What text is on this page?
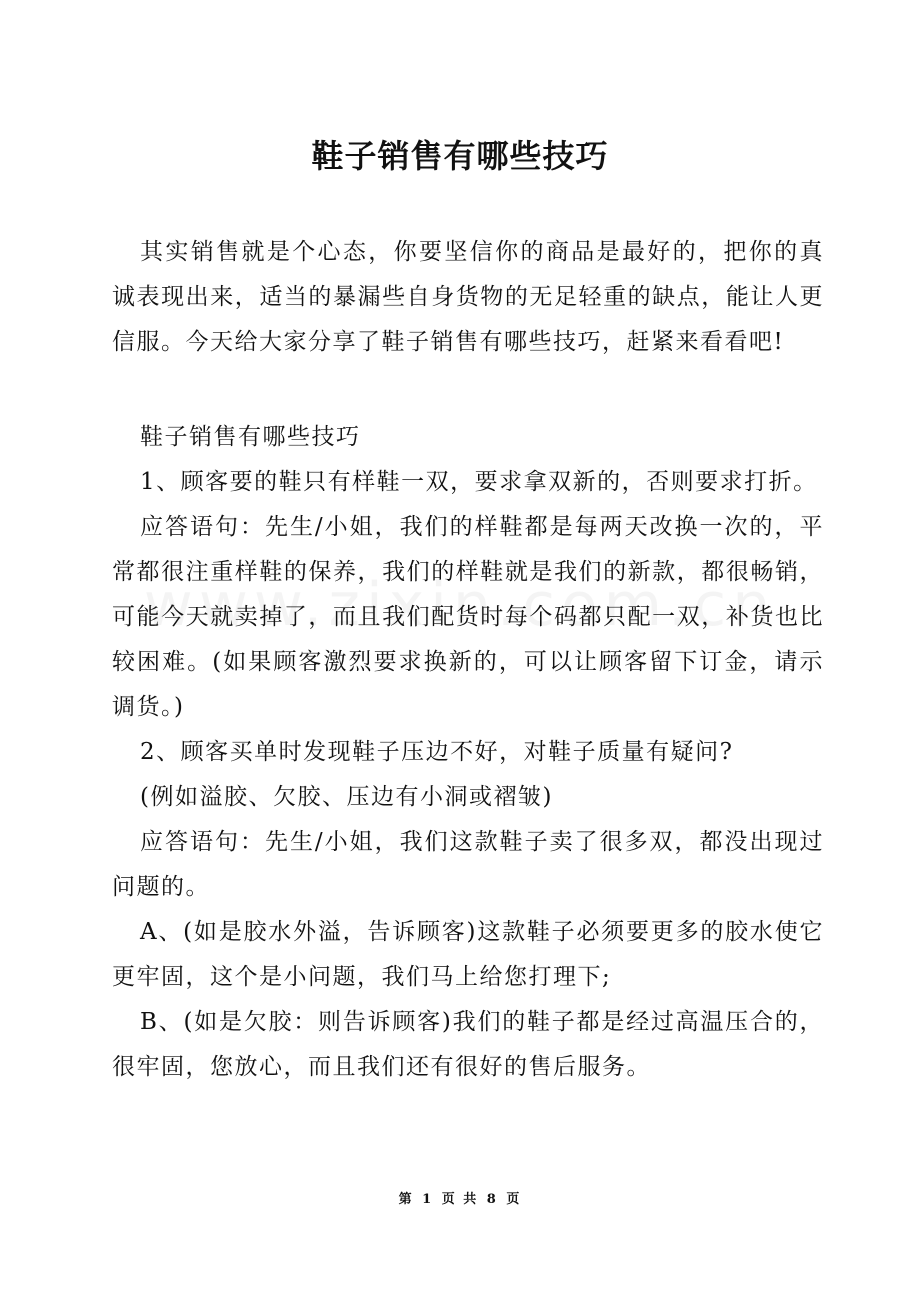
鞋子销售有哪些技巧

其实销售就是个心态，你要坚信你的商品是最好的，把你的真诚表现出来，适当的暴漏些自身货物的无足轻重的缺点，能让人更信服。今天给大家分享了鞋子销售有哪些技巧，赶紧来看看吧!

鞋子销售有哪些技巧

1、顾客要的鞋只有样鞋一双，要求拿双新的，否则要求打折。

应答语句：先生/小姐，我们的样鞋都是每两天改换一次的，平常都很注重样鞋的保养，我们的样鞋就是我们的新款，都很畅销，可能今天就卖掉了，而且我们配货时每个码都只配一双，补货也比较困难。(如果顾客激烈要求换新的，可以让顾客留下订金，请示调货。)

2、顾客买单时发现鞋子压边不好，对鞋子质量有疑问?

(例如溢胶、欠胶、压边有小洞或褶皱)

应答语句：先生/小姐，我们这款鞋子卖了很多双，都没出现过问题的。

A、(如是胶水外溢，告诉顾客)这款鞋子必须要更多的胶水使它更牢固，这个是小问题，我们马上给您打理下;

B、(如是欠胶：则告诉顾客)我们的鞋子都是经过高温压合的，很牢固，您放心，而且我们还有很好的售后服务。

第 1 页 共 8 页
